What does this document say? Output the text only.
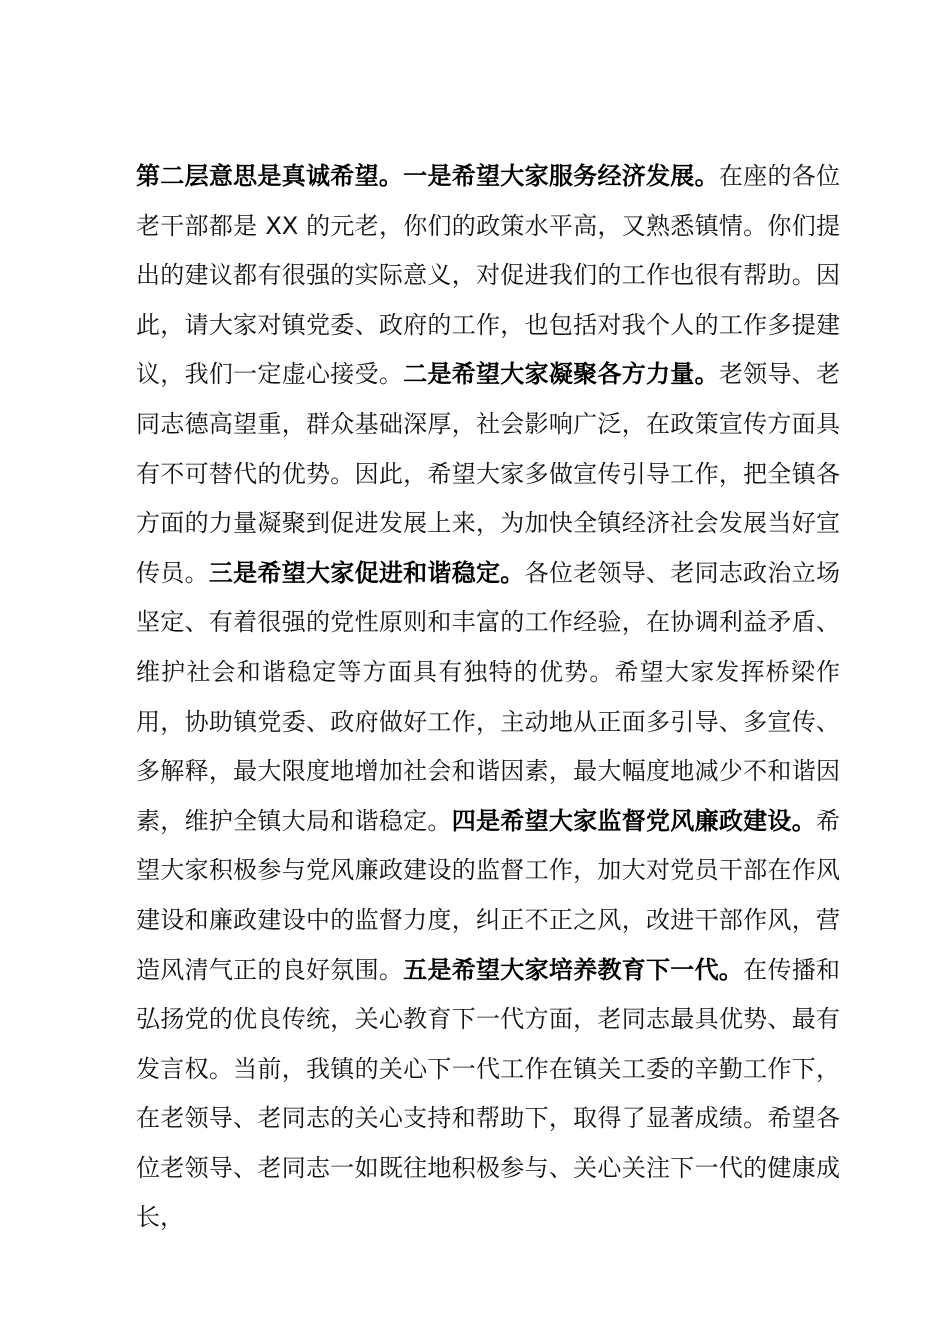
第二层意思是真诚希望。一是希望大家服务经济发展。在座的各位老干部都是 XX 的元老，你们的政策水平高，又熟悉镇情。你们提出的建议都有很强的实际意义，对促进我们的工作也很有帮助。因此，请大家对镇党委、政府的工作，也包括对我个人的工作多提建议，我们一定虚心接受。二是希望大家凝聚各方力量。老领导、老同志德高望重，群众基础深厚，社会影响广泛，在政策宣传方面具有不可替代的优势。因此，希望大家多做宣传引导工作，把全镇各方面的力量凝聚到促进发展上来，为加快全镇经济社会发展当好宣传员。三是希望大家促进和谐稳定。各位老领导、老同志政治立场坚定、有着很强的党性原则和丰富的工作经验，在协调利益矛盾、维护社会和谐稳定等方面具有独特的优势。希望大家发挥桥梁作用，协助镇党委、政府做好工作，主动地从正面多引导、多宣传、多解释，最大限度地增加社会和谐因素，最大幅度地减少不和谐因素，维护全镇大局和谐稳定。四是希望大家监督党风廉政建设。希望大家积极参与党风廉政建设的监督工作，加大对党员干部在作风建设和廉政建设中的监督力度，纠正不正之风，改进干部作风，营造风清气正的良好氛围。五是希望大家培养教育下一代。在传播和弘扬党的优良传统，关心教育下一代方面，老同志最具优势、最有发言权。当前，我镇的关心下一代工作在镇关工委的辛勤工作下，在老领导、老同志的关心支持和帮助下，取得了显著成绩。希望各位老领导、老同志一如既往地积极参与、关心关注下一代的健康成长，
